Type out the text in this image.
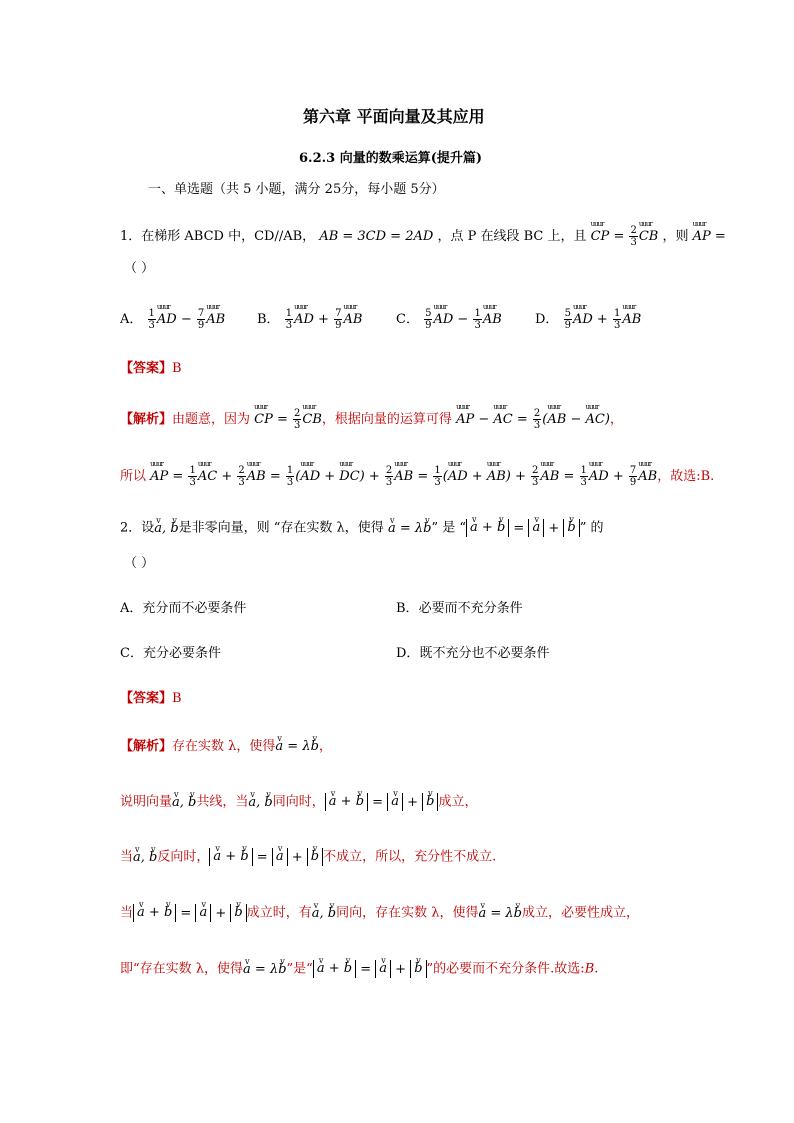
第六章 平面向量及其应用
6.2.3 向量的数乘运算(提升篇)
一、单选题（共 5 小题，满分 25分，每小题 5分）
1．在梯形 ABCD 中，CD//AB， AB = 3CD = 2AD ，点 P 在线段 BC 上，且 uuur CP = $\frac{2}{3}$ uuur CB ，则 uuur AP =
（ ）
A． $\frac{1}{3}$ uuur AD − $\frac{7}{9}$ uuur AB B． $\frac{1}{3}$ uuur AD + $\frac{7}{9}$ uuur AB	C． $\frac{5}{9}$ uuur AD − $\frac{1}{3}$ uuur AB	D． $\frac{5}{9}$ uuur AD + $\frac{1}{3}$ uuur AB
【答案】B
【解析】由题意，因为 uuur CP = $\frac{2}{3}$ uuur CB，根据向量的运算可得 uuur AP − uuur AC = $\frac{2}{3}$ (uuur AB − uuur AC)，
所以 uuur AP = $\frac{1}{3}$ uuur AC + $\frac{2}{3}$ uuur AB = $\frac{1}{3}$ (uuur AD + uuur $DC) + \frac{2}{3}$ uuur AB = $\frac{1}{3}$ (uuur AD + uuur $AB) + \frac{2}{3}$ uuur AB = $\frac{1}{3}$ uuur AD + $\frac{7}{9}$ uuur AB，故选:B.
2．设v a, v b是非零向量，则 “存在实数 λ，使得 v a = λv b” 是 “ v a + v b = v a + v b ” 的
（ ）
A．充分而不必要条件	B．必要而不充分条件
C．充分必要条件	D．既不充分也不必要条件
【答案】B
【解析】存在实数 λ，使得v a = λv b，
说明向量v a, v b共线，当v a, v b同向时， v a + v b = v a + v b 成立，
当v a, v b反向时， v a + v b = v a + v b 不成立，所以，充分性不成立.
当 v a + v b = v a + v b 成立时，有v a, v b同向，存在实数 λ，使得v a = λv b成立，必要性成立，
即“存在实数 λ，使得v a = λv b”是“ v a + v b = v a + v b ”的必要而不充分条件.故选:B.
